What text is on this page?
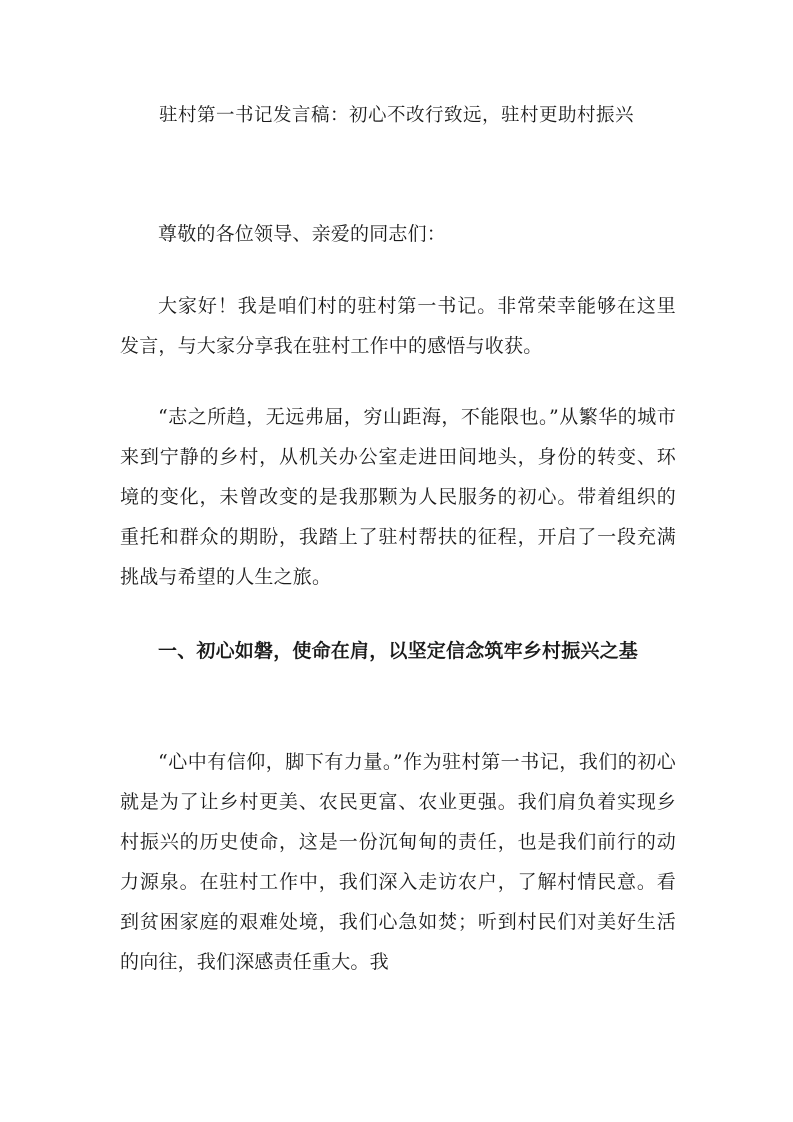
驻村第一书记发言稿：初心不改行致远，驻村更助村振兴

尊敬的各位领导、亲爱的同志们：

大家好！我是咱们村的驻村第一书记。非常荣幸能够在这里发言，与大家分享我在驻村工作中的感悟与收获。

“志之所趋，无远弗届，穷山距海，不能限也。”从繁华的城市来到宁静的乡村，从机关办公室走进田间地头，身份的转变、环境的变化，未曾改变的是我那颗为人民服务的初心。带着组织的重托和群众的期盼，我踏上了驻村帮扶的征程，开启了一段充满挑战与希望的人生之旅。

一、初心如磐，使命在肩，以坚定信念筑牢乡村振兴之基

“心中有信仰，脚下有力量。”作为驻村第一书记，我们的初心就是为了让乡村更美、农民更富、农业更强。我们肩负着实现乡村振兴的历史使命，这是一份沉甸甸的责任，也是我们前行的动力源泉。在驻村工作中，我们深入走访农户，了解村情民意。看到贫困家庭的艰难处境，我们心急如焚；听到村民们对美好生活的向往，我们深感责任重大。我
